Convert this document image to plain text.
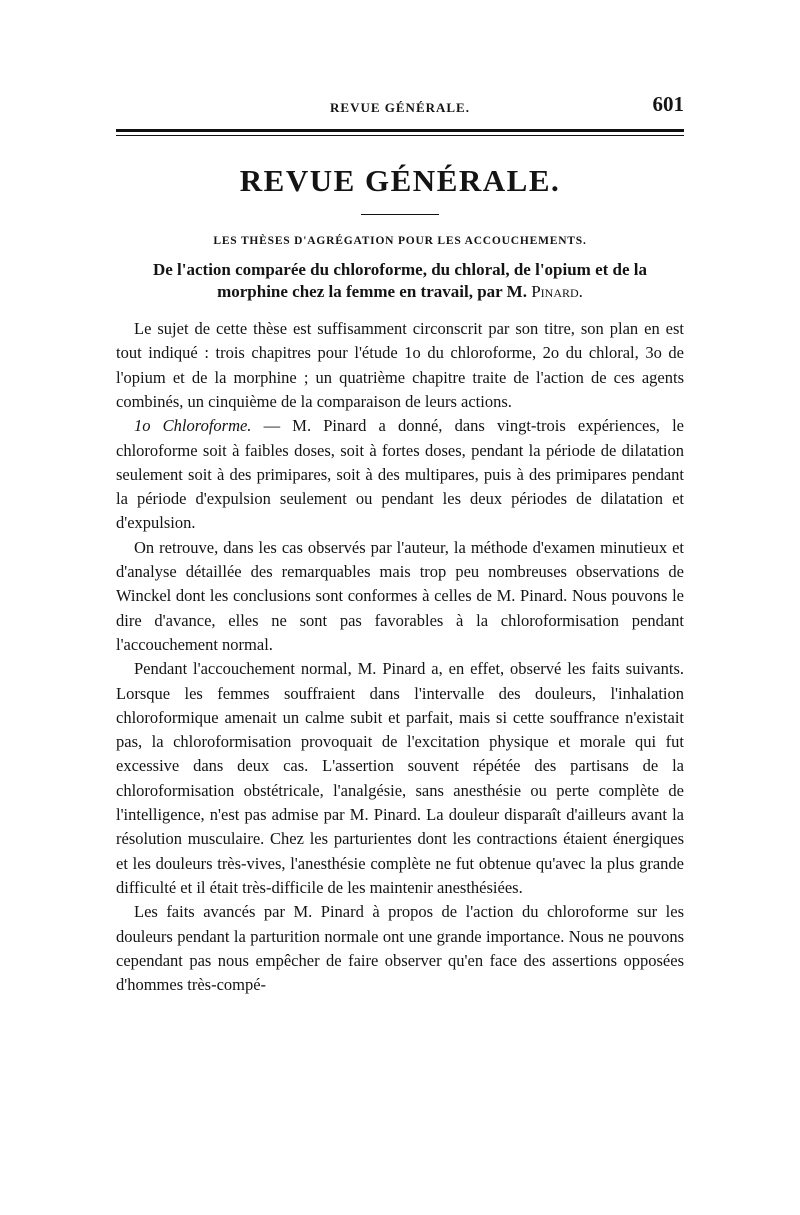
REVUE GÉNÉRALE.	601
REVUE GÉNÉRALE.
LES THÈSES D'AGRÉGATION POUR LES ACCOUCHEMENTS.
De l'action comparée du chloroforme, du chloral, de l'opium et de la morphine chez la femme en travail, par M. Pinard.

Le sujet de cette thèse est suffisamment circonscrit par son titre, son plan en est tout indiqué : trois chapitres pour l'étude 1o du chloroforme, 2o du chloral, 3o de l'opium et de la morphine ; un quatrième chapitre traite de l'action de ces agents combinés, un cinquième de la comparaison de leurs actions.

1o Chloroforme. — M. Pinard a donné, dans vingt-trois expériences, le chloroforme soit à faibles doses, soit à fortes doses, pendant la période de dilatation seulement soit à des primipares, soit à des multipares, puis à des primipares pendant la période d'expulsion seulement ou pendant les deux périodes de dilatation et d'expulsion.

On retrouve, dans les cas observés par l'auteur, la méthode d'examen minutieux et d'analyse détaillée des remarquables mais trop peu nombreuses observations de Winckel dont les conclusions sont conformes à celles de M. Pinard. Nous pouvons le dire d'avance, elles ne sont pas favorables à la chloroformisation pendant l'accouchement normal.

Pendant l'accouchement normal, M. Pinard a, en effet, observé les faits suivants. Lorsque les femmes souffraient dans l'intervalle des douleurs, l'inhalation chloroformique amenait un calme subit et parfait, mais si cette souffrance n'existait pas, la chloroformisation provoquait de l'excitation physique et morale qui fut excessive dans deux cas. L'assertion souvent répétée des partisans de la chloroformisation obstétricale, l'analgésie, sans anesthésie ou perte complète de l'intelligence, n'est pas admise par M. Pinard. La douleur disparaît d'ailleurs avant la résolution musculaire. Chez les parturientes dont les contractions étaient énergiques et les douleurs très-vives, l'anesthésie complète ne fut obtenue qu'avec la plus grande difficulté et il était très-difficile de les maintenir anesthésiées.

Les faits avancés par M. Pinard à propos de l'action du chloroforme sur les douleurs pendant la parturition normale ont une grande importance. Nous ne pouvons cependant pas nous empêcher de faire observer qu'en face des assertions opposées d'hommes très-compé-
